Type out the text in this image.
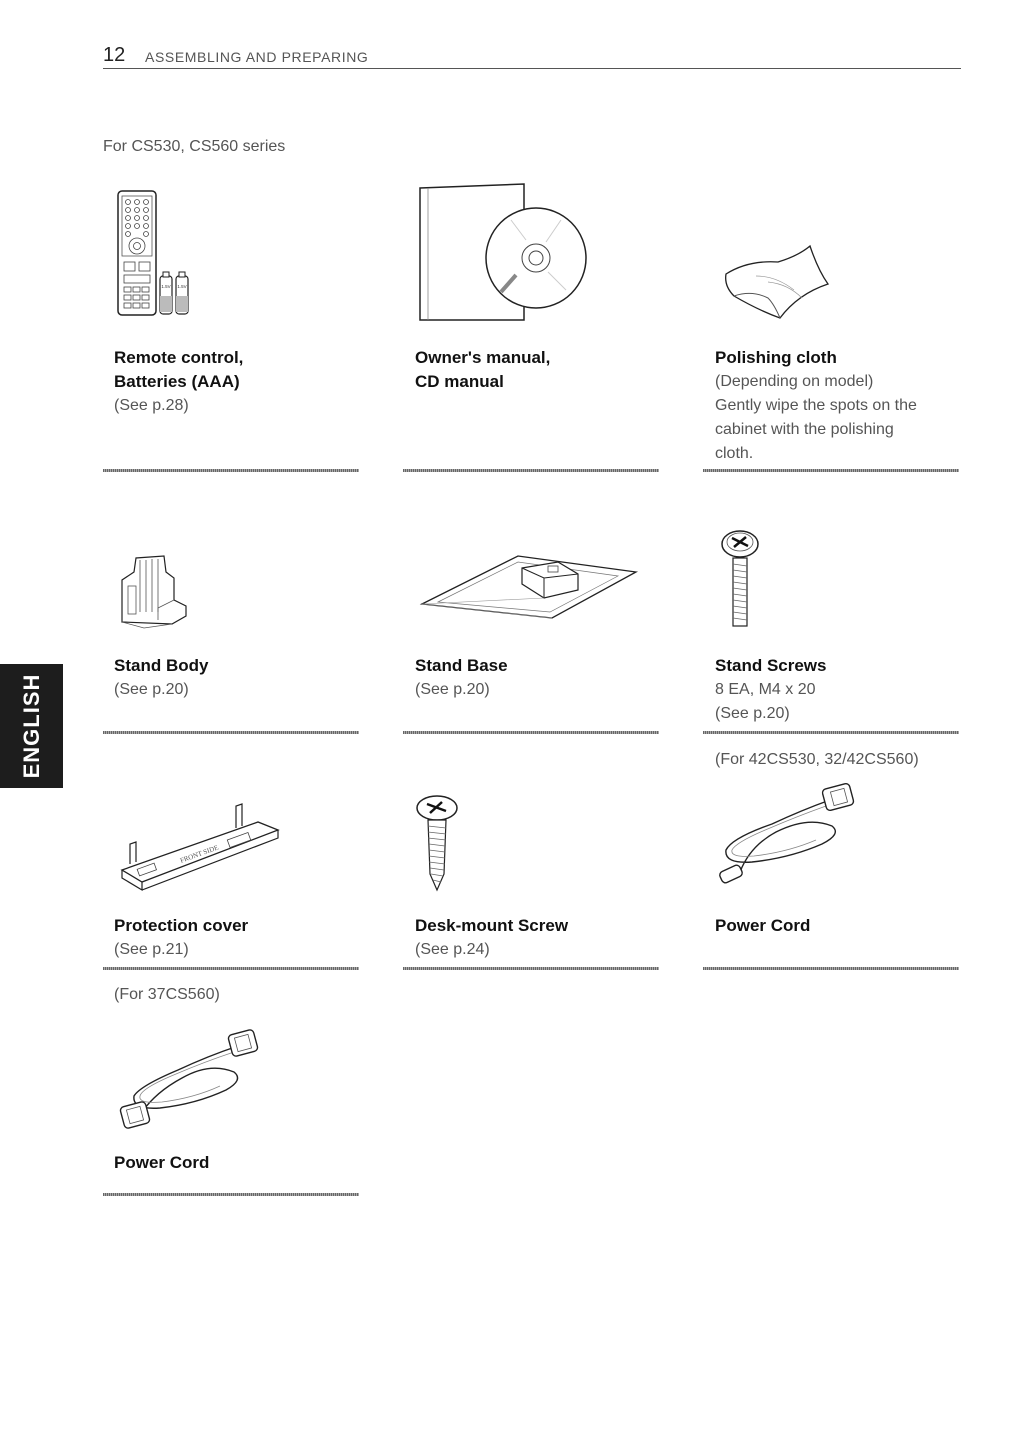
12 ASSEMBLING AND PREPARING
For CS530, CS560 series
1.5V 1.5V
Remote control,
Batteries (AAA)
(See p.28)
Owner's manual,
CD manual
Polishing cloth
(Depending on model)
Gently wipe the spots on the
cabinet with the polishing
cloth.
Stand Body
(See p.20)
Stand Base
(See p.20)
Stand Screws
8 EA, M4 x 20
(See p.20)
(For 42CS530, 32/42CS560)
FRONT SIDE
Protection cover
(See p.21)
Desk-mount Screw
(See p.24)
Power Cord
(For 37CS560)
Power Cord
ENGLISH
